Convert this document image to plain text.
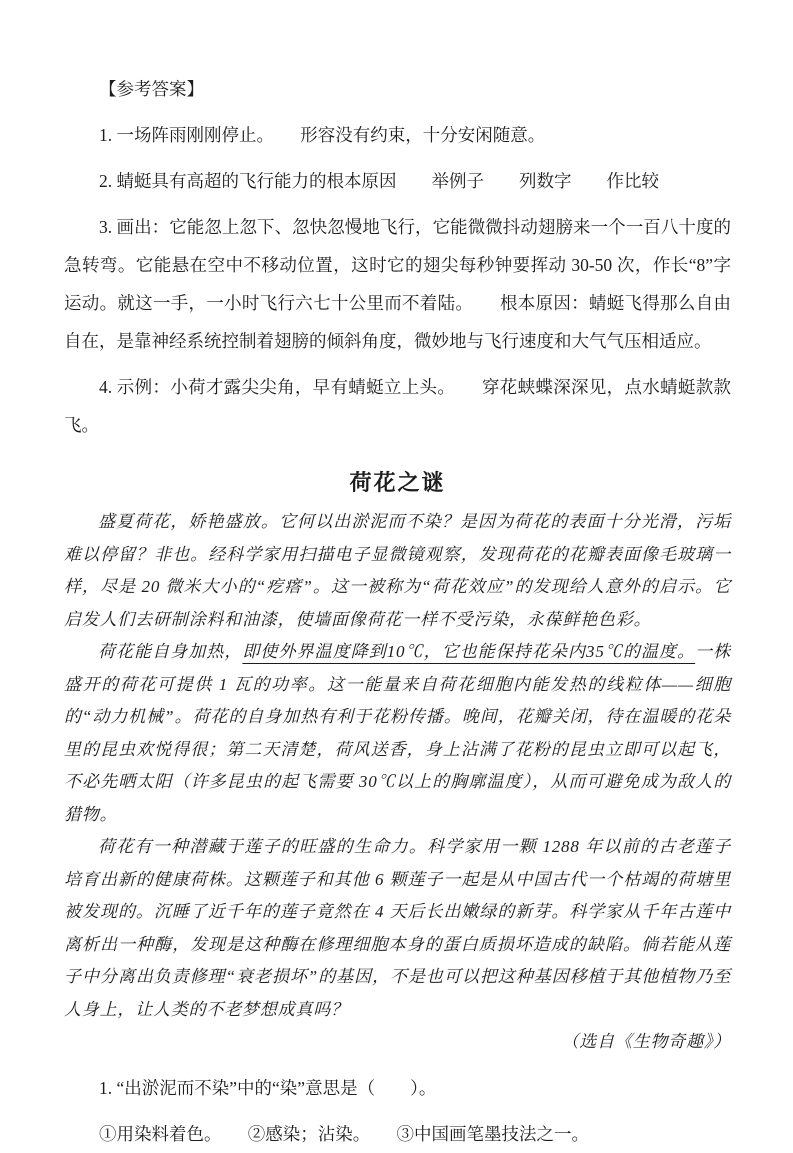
【参考答案】

1. 一场阵雨刚刚停止。　　形容没有约束，十分安闲随意。

2. 蜻蜓具有高超的飞行能力的根本原因　　举例子　　列数字　　作比较

3. 画出：它能忽上忽下、忽快忽慢地飞行，它能微微抖动翅膀来一个一百八十度的急转弯。它能悬在空中不移动位置，这时它的翅尖每秒钟要挥动 30-50 次，作长“8”字运动。就这一手，一小时飞行六七十公里而不着陆。　　根本原因：蜻蜓飞得那么自由自在，是靠神经系统控制着翅膀的倾斜角度，微妙地与飞行速度和大气气压相适应。

4. 示例：小荷才露尖尖角，早有蜻蜓立上头。　　穿花蛱蝶深深见，点水蜻蜓款款飞。

荷花之谜

盛夏荷花，娇艳盛放。它何以出淤泥而不染？是因为荷花的表面十分光滑，污垢难以停留？非也。经科学家用扫描电子显微镜观察，发现荷花的花瓣表面像毛玻璃一样，尽是 20 微米大小的“疙瘩”。这一被称为“荷花效应”的发现给人意外的启示。它启发人们去研制涂料和油漆，使墙面像荷花一样不受污染，永葆鲜艳色彩。

荷花能自身加热，即使外界温度降到10℃，它也能保持花朵内35℃的温度。一株盛开的荷花可提供 1 瓦的功率。这一能量来自荷花细胞内能发热的线粒体——细胞的“动力机械”。荷花的自身加热有利于花粉传播。晚间，花瓣关闭，待在温暖的花朵里的昆虫欢悦得很；第二天清楚，荷风送香，身上沾满了花粉的昆虫立即可以起飞，不必先晒太阳（许多昆虫的起飞需要 30℃以上的胸廓温度），从而可避免成为敌人的猎物。

荷花有一种潜藏于莲子的旺盛的生命力。科学家用一颗 1288 年以前的古老莲子培育出新的健康荷株。这颗莲子和其他 6 颗莲子一起是从中国古代一个枯竭的荷塘里被发现的。沉睡了近千年的莲子竟然在 4 天后长出嫩绿的新芽。科学家从千年古莲中离析出一种酶，发现是这种酶在修理细胞本身的蛋白质损坏造成的缺陷。倘若能从莲子中分离出负责修理“衰老损坏”的基因，不是也可以把这种基因移植于其他植物乃至人身上，让人类的不老梦想成真吗？

（选自《生物奇趣》）

1. “出淤泥而不染”中的“染”意思是（　　）。

①用染料着色。　　②感染；沾染。　　③中国画笔墨技法之一。
